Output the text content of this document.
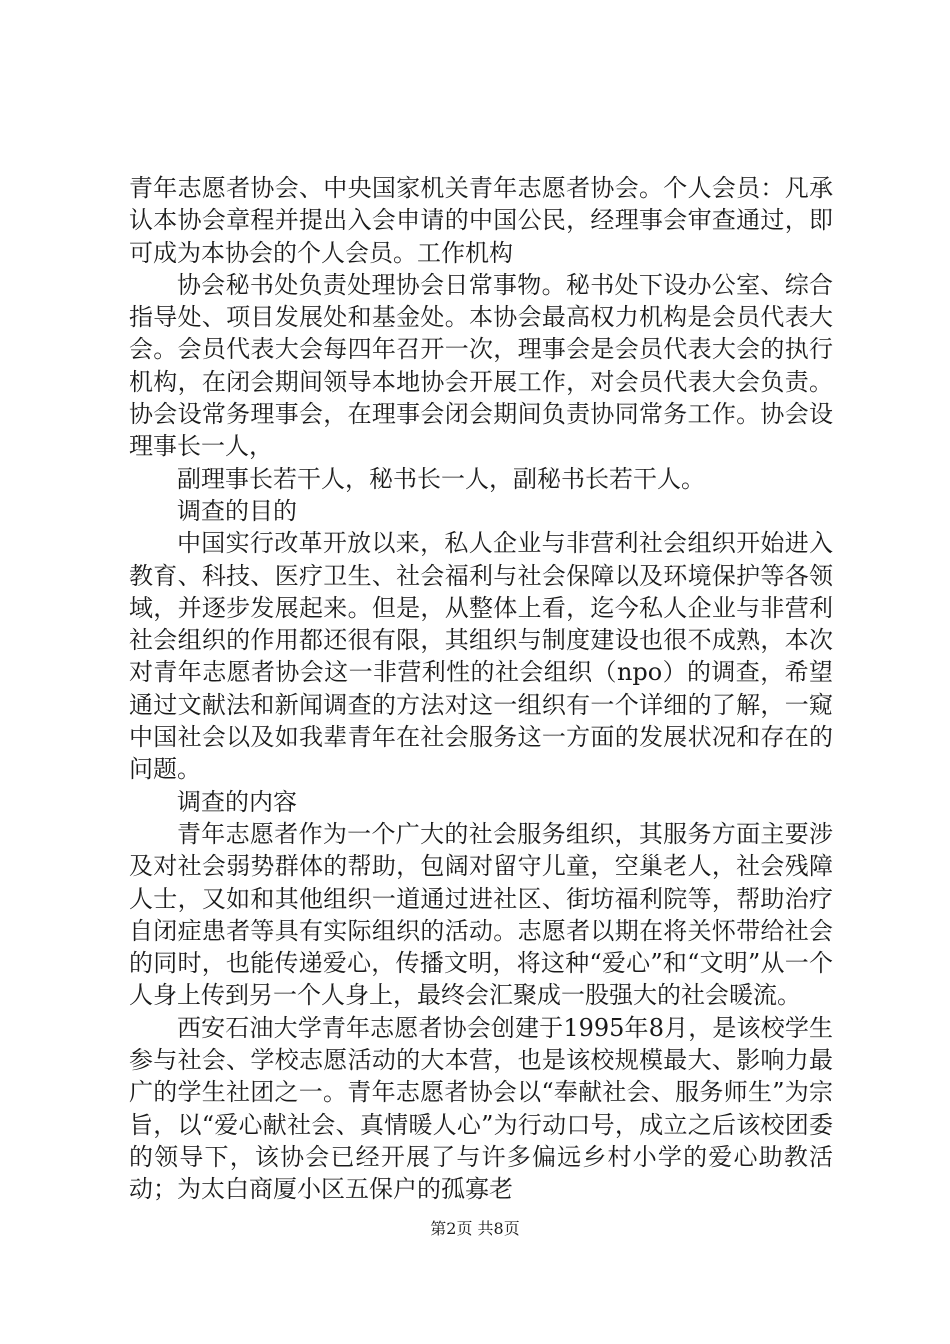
青年志愿者协会、中央国家机关青年志愿者协会。个人会员：凡承认本协会章程并提出入会申请的中国公民，经理事会审查通过，即可成为本协会的个人会员。工作机构

协会秘书处负责处理协会日常事物。秘书处下设办公室、综合指导处、项目发展处和基金处。本协会最高权力机构是会员代表大会。会员代表大会每四年召开一次，理事会是会员代表大会的执行机构，在闭会期间领导本地协会开展工作，对会员代表大会负责。协会设常务理事会，在理事会闭会期间负责协同常务工作。协会设理事长一人，

副理事长若干人，秘书长一人，副秘书长若干人。

调查的目的

中国实行改革开放以来，私人企业与非营利社会组织开始进入教育、科技、医疗卫生、社会福利与社会保障以及环境保护等各领域，并逐步发展起来。但是，从整体上看，迄今私人企业与非营利社会组织的作用都还很有限，其组织与制度建设也很不成熟，本次对青年志愿者协会这一非营利性的社会组织（npo）的调查，希望通过文献法和新闻调查的方法对这一组织有一个详细的了解，一窥中国社会以及如我辈青年在社会服务这一方面的发展状况和存在的问题。

调查的内容

青年志愿者作为一个广大的社会服务组织，其服务方面主要涉及对社会弱势群体的帮助，包阔对留守儿童，空巢老人，社会残障人士，又如和其他组织一道通过进社区、街坊福利院等，帮助治疗自闭症患者等具有实际组织的活动。志愿者以期在将关怀带给社会的同时，也能传递爱心，传播文明，将这种“爱心”和“文明”从一个人身上传到另一个人身上，最终会汇聚成一股强大的社会暖流。

西安石油大学青年志愿者协会创建于1995年8月，是该校学生参与社会、学校志愿活动的大本营，也是该校规模最大、影响力最广的学生社团之一。青年志愿者协会以“奉献社会、服务师生”为宗旨，以“爱心献社会、真情暖人心”为行动口号，成立之后该校团委的领导下，该协会已经开展了与许多偏远乡村小学的爱心助教活动；为太白商厦小区五保户的孤寡老

第2页 共8页
